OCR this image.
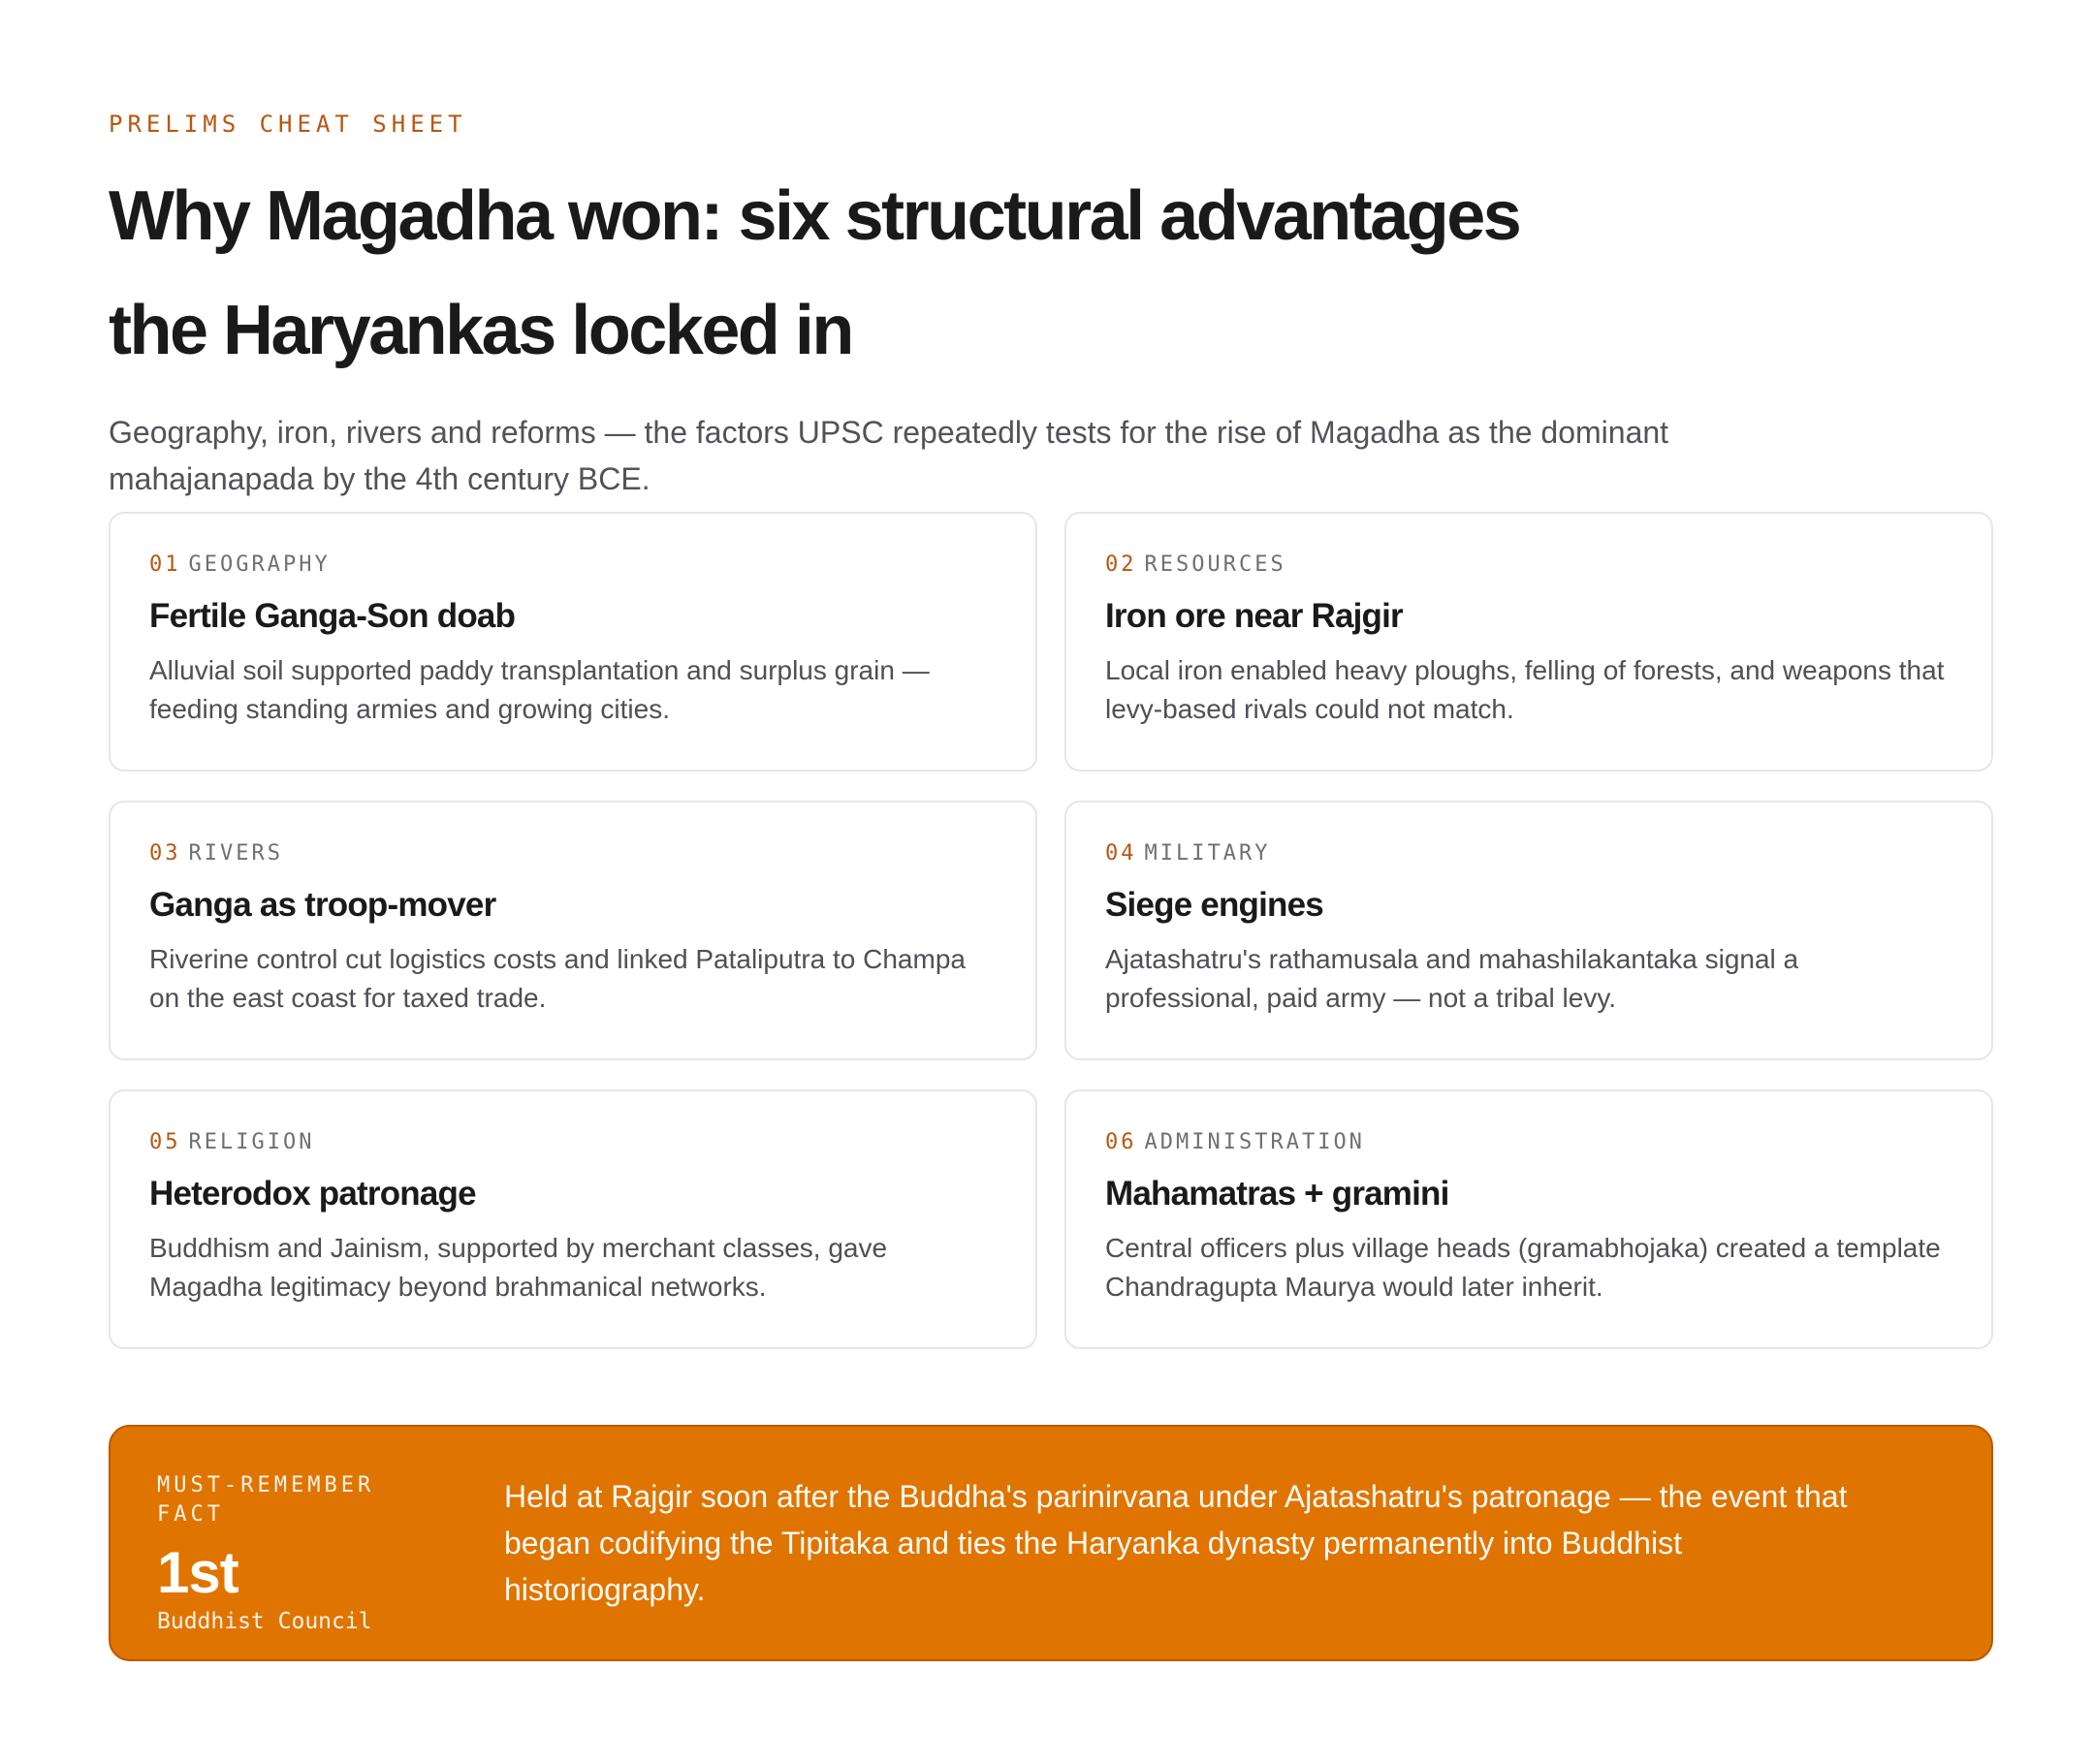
PRELIMS CHEAT SHEET

Why Magadha won: six structural advantages the Haryankas locked in

Geography, iron, rivers and reforms — the factors UPSC repeatedly tests for the rise of Magadha as the dominant mahajanapada by the 4th century BCE.

01 GEOGRAPHY

Fertile Ganga-Son doab

Alluvial soil supported paddy transplantation and surplus grain — feeding standing armies and growing cities.

02 RESOURCES

Iron ore near Rajgir

Local iron enabled heavy ploughs, felling of forests, and weapons that levy-based rivals could not match.

03 RIVERS

Ganga as troop-mover

Riverine control cut logistics costs and linked Pataliputra to Champa on the east coast for taxed trade.

04 MILITARY

Siege engines

Ajatashatru's rathamusala and mahashilakantaka signal a professional, paid army — not a tribal levy.

05 RELIGION

Heterodox patronage

Buddhism and Jainism, supported by merchant classes, gave Magadha legitimacy beyond brahmanical networks.

06 ADMINISTRATION

Mahamatras + gramini

Central officers plus village heads (gramabhojaka) created a template Chandragupta Maurya would later inherit.

MUST-REMEMBER FACT

1st

Buddhist Council

Held at Rajgir soon after the Buddha's parinirvana under Ajatashatru's patronage — the event that began codifying the Tipitaka and ties the Haryanka dynasty permanently into Buddhist historiography.
